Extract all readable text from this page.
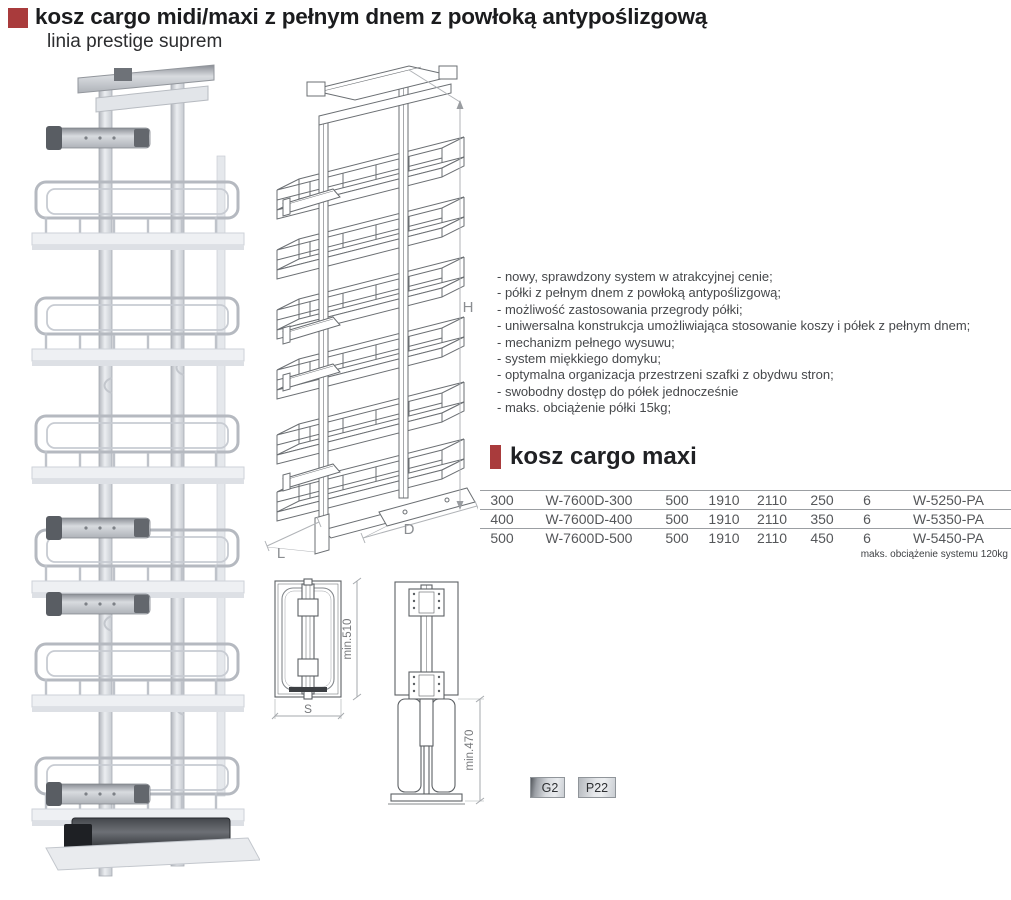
kosz cargo midi/maxi z pełnym dnem z powłoką antypoślizgową
linia prestige suprem
H
D
L
- nowy, sprawdzony system w atrakcyjnej cenie;
- półki z pełnym dnem z powłoką antypoślizgową;
- możliwość zastosowania przegrody półki;
- uniwersalna konstrukcja umożliwiająca stosowanie koszy i półek z pełnym dnem;
- mechanizm pełnego wysuwu;
- system miękkiego domyku;
- optymalna organizacja przestrzeni szafki z obydwu stron;
- swobodny dostęp do półek jednocześnie
- maks. obciążenie półki 15kg;
kosz cargo maxi
300	W-7600D-300	500	1910	2110	250	6	W-5250-PA
400	W-7600D-400	500	1910	2110	350	6	W-5350-PA
500	W-7600D-500	500	1910	2110	450	6	W-5450-PA
maks. obciążenie systemu 120kg
min.510
S
min.470
G2	P22
